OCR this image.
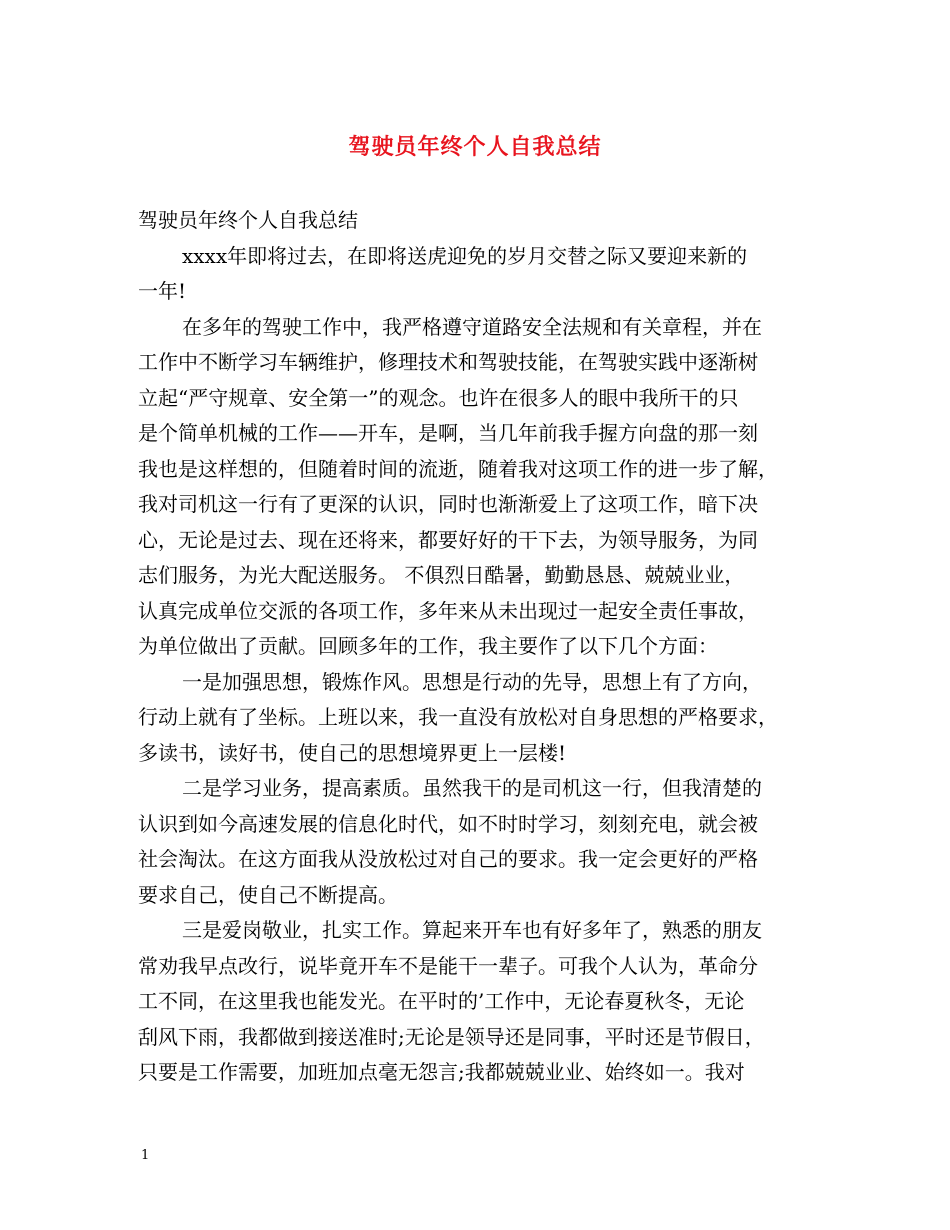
驾驶员年终个人自我总结
驾驶员年终个人自我总结
xxxx年即将过去，在即将送虎迎免的岁月交替之际又要迎来新的
一年!
在多年的驾驶工作中，我严格遵守道路安全法规和有关章程，并在
工作中不断学习车辆维护，修理技术和驾驶技能，在驾驶实践中逐渐树
立起“严守规章、安全第一”的观念。也许在很多人的眼中我所干的只
是个简单机械的工作——开车，是啊，当几年前我手握方向盘的那一刻
我也是这样想的，但随着时间的流逝，随着我对这项工作的进一步了解，
我对司机这一行有了更深的认识，同时也渐渐爱上了这项工作，暗下决
心，无论是过去、现在还将来，都要好好的干下去，为领导服务，为同
志们服务，为光大配送服务。 不俱烈日酷暑，勤勤恳恳、兢兢业业，
认真完成单位交派的各项工作，多年来从未出现过一起安全责任事故，
为单位做出了贡献。回顾多年的工作，我主要作了以下几个方面：
一是加强思想，锻炼作风。思想是行动的先导，思想上有了方向，
行动上就有了坐标。上班以来，我一直没有放松对自身思想的严格要求，
多读书，读好书，使自己的思想境界更上一层楼!
二是学习业务，提高素质。虽然我干的是司机这一行，但我清楚的
认识到如今高速发展的信息化时代，如不时时学习，刻刻充电，就会被
社会淘汰。在这方面我从没放松过对自己的要求。我一定会更好的严格
要求自己，使自己不断提高。
三是爱岗敬业，扎实工作。算起来开车也有好多年了，熟悉的朋友
常劝我早点改行，说毕竟开车不是能干一辈子。可我个人认为，革命分
工不同，在这里我也能发光。在平时的’工作中，无论春夏秋冬，无论
刮风下雨，我都做到接送准时;无论是领导还是同事，平时还是节假日，
只要是工作需要，加班加点毫无怨言;我都兢兢业业、始终如一。我对
1
